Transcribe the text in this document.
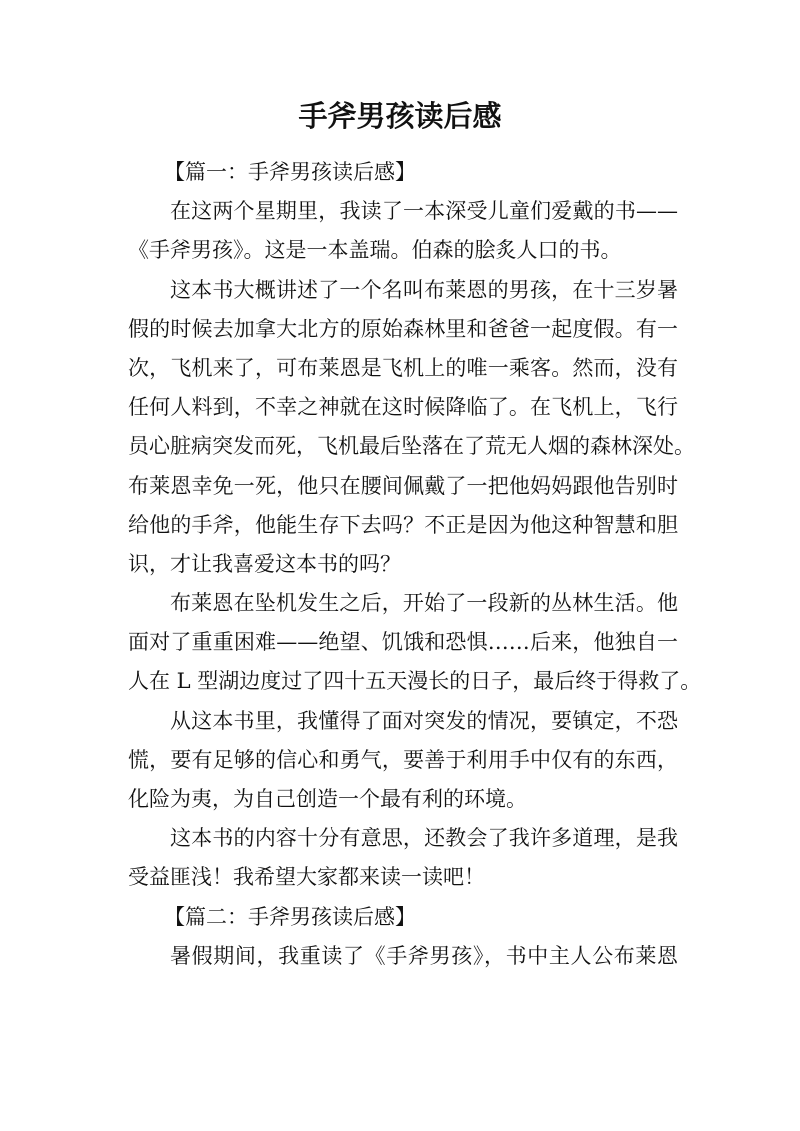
手斧男孩读后感
【篇一：手斧男孩读后感】
在这两个星期里，我读了一本深受儿童们爱戴的书——
《手斧男孩》。这是一本盖瑞。伯森的脍炙人口的书。
这本书大概讲述了一个名叫布莱恩的男孩，在十三岁暑
假的时候去加拿大北方的原始森林里和爸爸一起度假。有一
次，飞机来了，可布莱恩是飞机上的唯一乘客。然而，没有
任何人料到，不幸之神就在这时候降临了。在飞机上，飞行
员心脏病突发而死，飞机最后坠落在了荒无人烟的森林深处。
布莱恩幸免一死，他只在腰间佩戴了一把他妈妈跟他告别时
给他的手斧，他能生存下去吗？不正是因为他这种智慧和胆
识，才让我喜爱这本书的吗？
布莱恩在坠机发生之后，开始了一段新的丛林生活。他
面对了重重困难——绝望、饥饿和恐惧……后来，他独自一
人在 L 型湖边度过了四十五天漫长的日子，最后终于得救了。
从这本书里，我懂得了面对突发的情况，要镇定，不恐
慌，要有足够的信心和勇气，要善于利用手中仅有的东西，
化险为夷，为自己创造一个最有利的环境。
这本书的内容十分有意思，还教会了我许多道理，是我
受益匪浅！我希望大家都来读一读吧！
【篇二：手斧男孩读后感】
暑假期间，我重读了《手斧男孩》，书中主人公布莱恩
